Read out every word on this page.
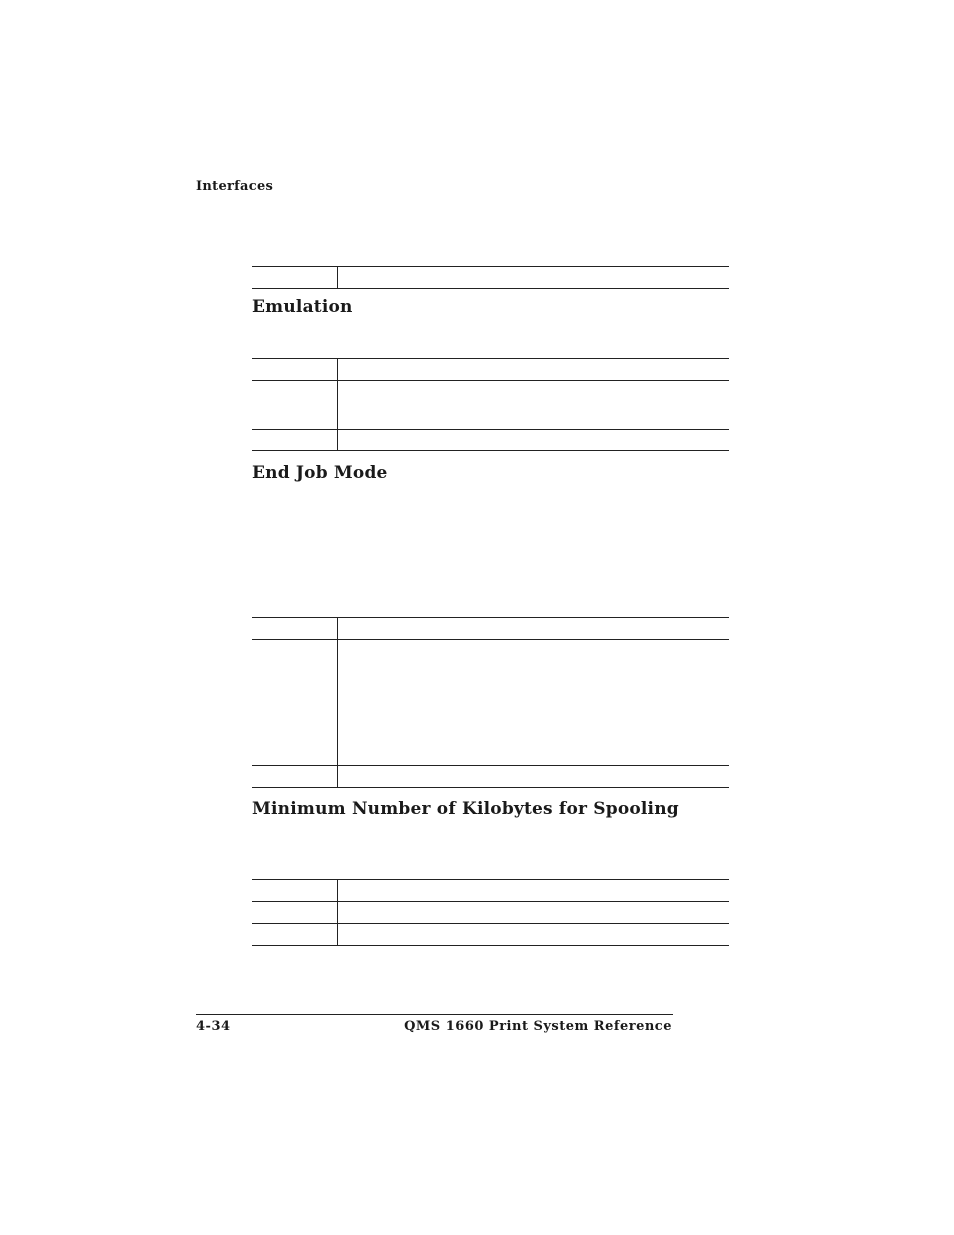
Interfaces
Emulation
End Job Mode
Minimum Number of Kilobytes for Spooling
4-34	QMS 1660 Print System Reference
